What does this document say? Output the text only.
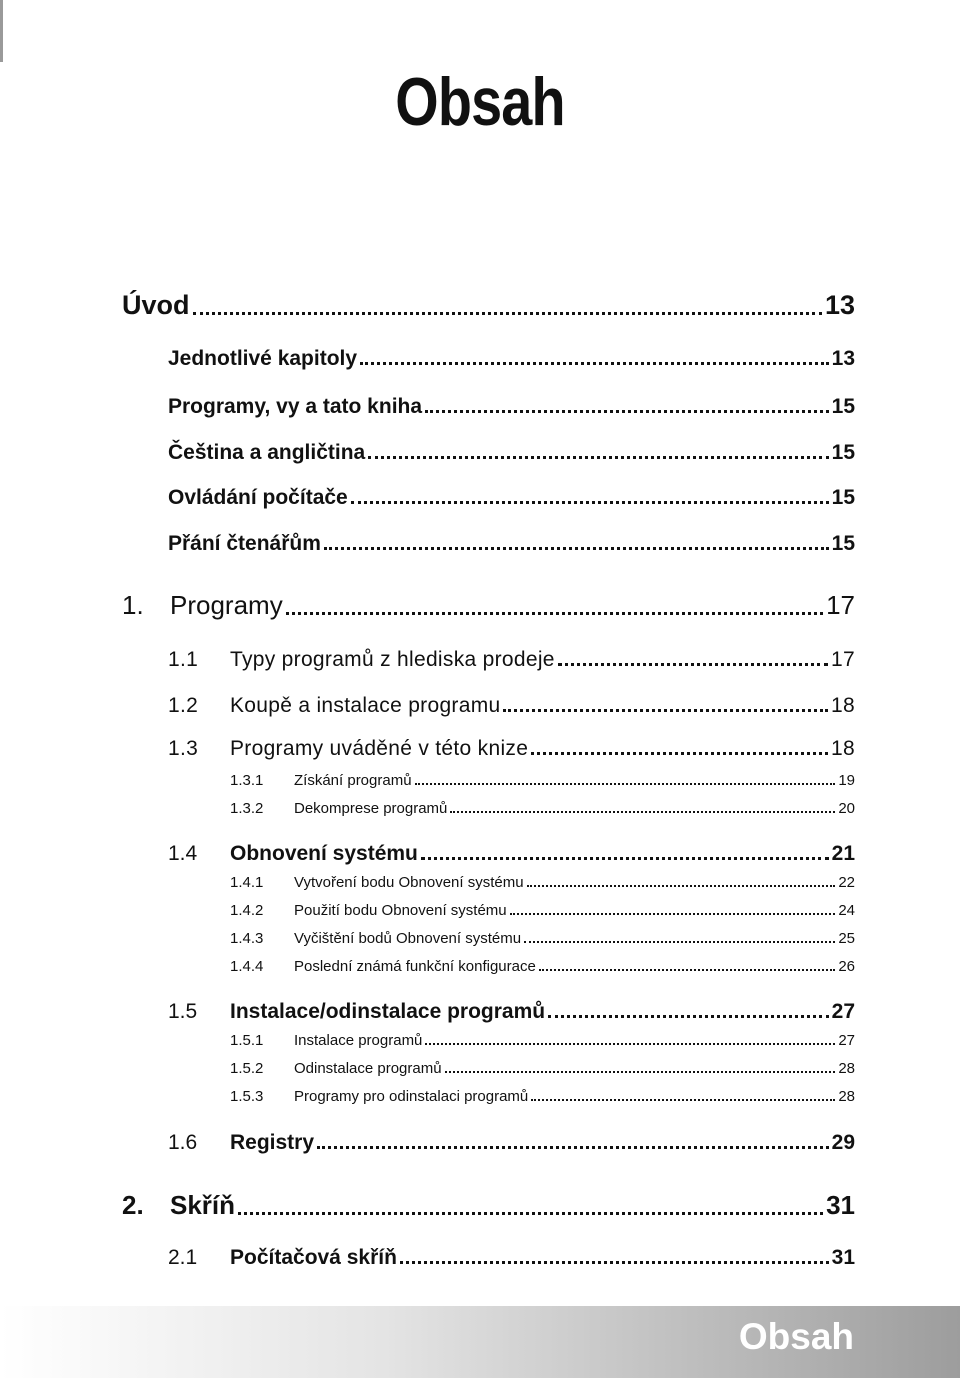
Obsah
Úvod	13
Jednotlivé kapitoly	13
Programy, vy a tato kniha	15
Čeština a angličtina	15
Ovládání počítače	15
Přání čtenářům	15
1.	Programy	17
1.1	Typy programů z hlediska prodeje	17
1.2	Koupě a instalace programu	18
1.3	Programy uváděné v této knize	18
1.3.1	Získání programů	19
1.3.2	Dekomprese programů	20
1.4	Obnovení systému	21
1.4.1	Vytvoření bodu Obnovení systému	22
1.4.2	Použití bodu Obnovení systému	24
1.4.3	Vyčištění bodů Obnovení systému	25
1.4.4	Poslední známá funkční konfigurace	26
1.5	Instalace/odinstalace programů	27
1.5.1	Instalace programů	27
1.5.2	Odinstalace programů	28
1.5.3	Programy pro odinstalaci programů	28
1.6	Registry	29
2.	Skříň	31
2.1	Počítačová skříň	31
Obsah
